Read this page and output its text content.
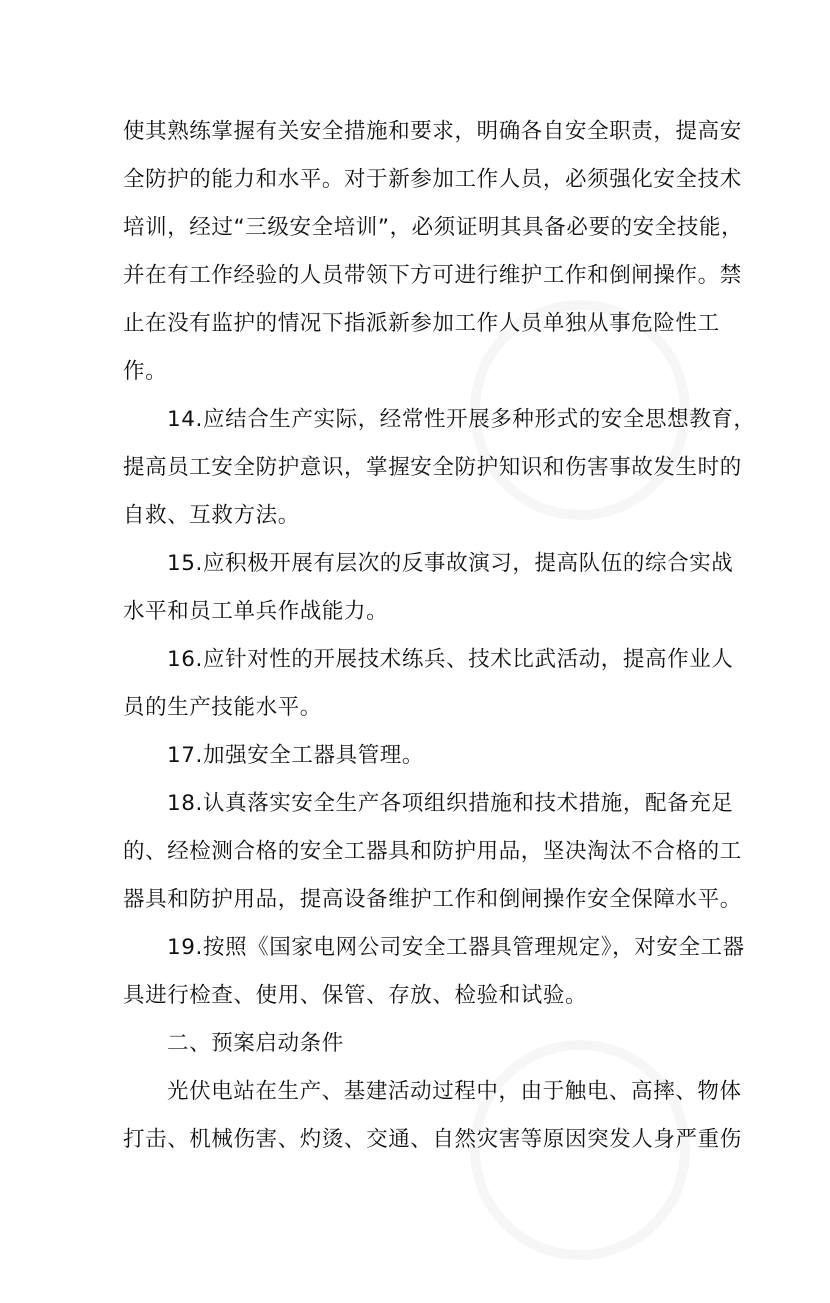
使其熟练掌握有关安全措施和要求，明确各自安全职责，提高安
全防护的能力和水平。对于新参加工作人员，必须强化安全技术
培训，经过“三级安全培训”，必须证明其具备必要的安全技能，
并在有工作经验的人员带领下方可进行维护工作和倒闸操作。禁
止在没有监护的情况下指派新参加工作人员单独从事危险性工
作。
14.应结合生产实际，经常性开展多种形式的安全思想教育，
提高员工安全防护意识，掌握安全防护知识和伤害事故发生时的
自救、互救方法。
15.应积极开展有层次的反事故演习，提高队伍的综合实战
水平和员工单兵作战能力。
16.应针对性的开展技术练兵、技术比武活动，提高作业人
员的生产技能水平。
17.加强安全工器具管理。
18.认真落实安全生产各项组织措施和技术措施，配备充足
的、经检测合格的安全工器具和防护用品，坚决淘汰不合格的工
器具和防护用品，提高设备维护工作和倒闸操作安全保障水平。
19.按照《国家电网公司安全工器具管理规定》，对安全工器
具进行检查、使用、保管、存放、检验和试验。
二、预案启动条件
光伏电站在生产、基建活动过程中，由于触电、高摔、物体
打击、机械伤害、灼烫、交通、自然灾害等原因突发人身严重伤
